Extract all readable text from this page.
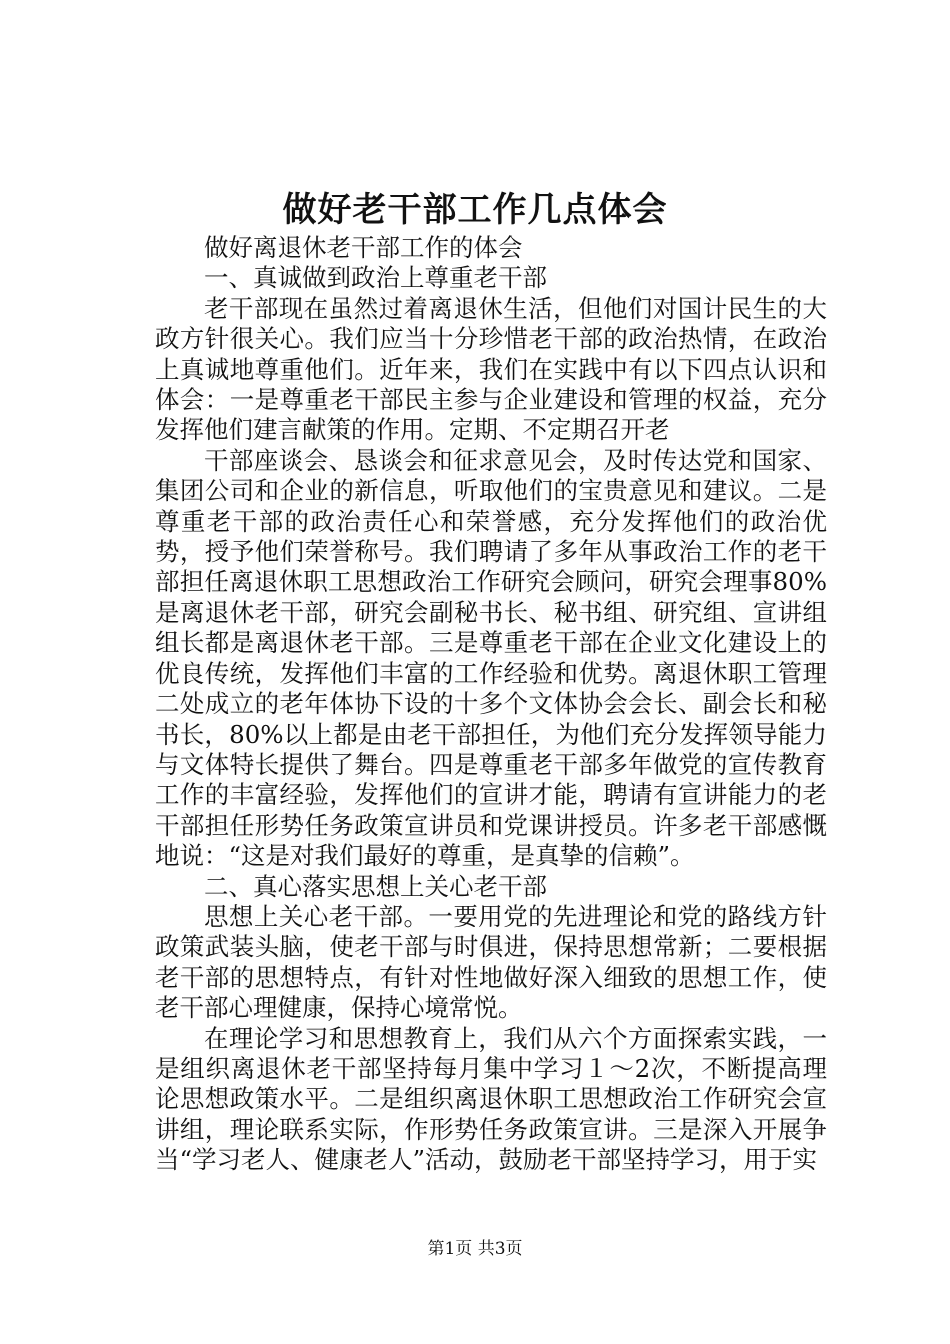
做好老干部工作几点体会

做好离退休老干部工作的体会

一、真诚做到政治上尊重老干部

老干部现在虽然过着离退休生活，但他们对国计民生的大政方针很关心。我们应当十分珍惜老干部的政治热情，在政治上真诚地尊重他们。近年来，我们在实践中有以下四点认识和体会：一是尊重老干部民主参与企业建设和管理的权益，充分发挥他们建言献策的作用。定期、不定期召开老

干部座谈会、恳谈会和征求意见会，及时传达党和国家、集团公司和企业的新信息，听取他们的宝贵意见和建议。二是尊重老干部的政治责任心和荣誉感，充分发挥他们的政治优势，授予他们荣誉称号。我们聘请了多年从事政治工作的老干部担任离退休职工思想政治工作研究会顾问，研究会理事80%是离退休老干部，研究会副秘书长、秘书组、研究组、宣讲组组长都是离退休老干部。三是尊重老干部在企业文化建设上的优良传统，发挥他们丰富的工作经验和优势。离退休职工管理二处成立的老年体协下设的十多个文体协会会长、副会长和秘书长，80%以上都是由老干部担任，为他们充分发挥领导能力与文体特长提供了舞台。四是尊重老干部多年做党的宣传教育工作的丰富经验，发挥他们的宣讲才能，聘请有宣讲能力的老干部担任形势任务政策宣讲员和党课讲授员。许多老干部感慨地说：“这是对我们最好的尊重，是真挚的信赖”。

二、真心落实思想上关心老干部

思想上关心老干部。一要用党的先进理论和党的路线方针政策武装头脑，使老干部与时俱进，保持思想常新；二要根据老干部的思想特点，有针对性地做好深入细致的思想工作，使老干部心理健康，保持心境常悦。

在理论学习和思想教育上，我们从六个方面探索实践，一是组织离退休老干部坚持每月集中学习１～2次，不断提高理论思想政策水平。二是组织离退休职工思想政治工作研究会宣讲组，理论联系实际，作形势任务政策宣讲。三是深入开展争当“学习老人、健康老人”活动，鼓励老干部坚持学习，用于实

第1页 共3页
